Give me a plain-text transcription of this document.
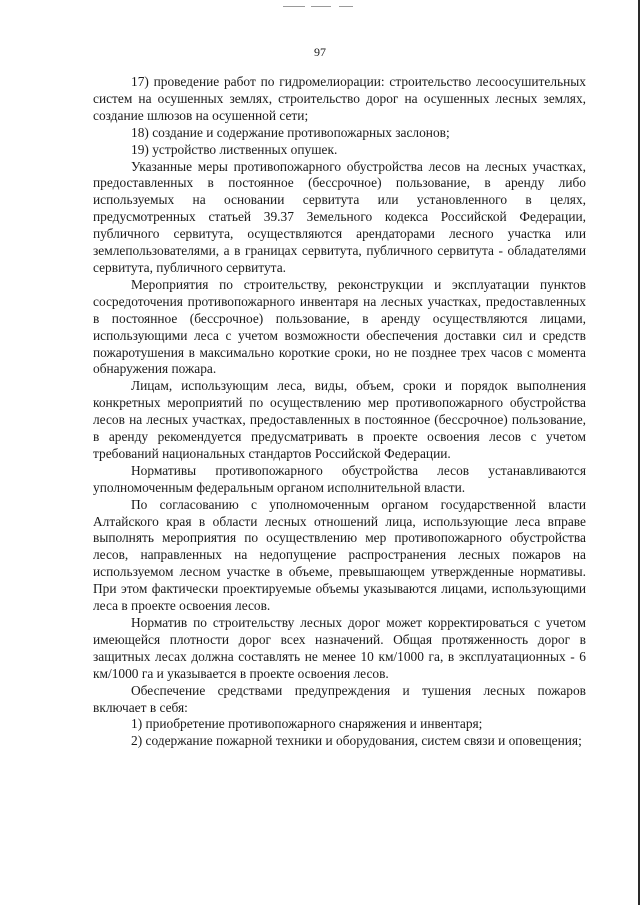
97

17) проведение работ по гидромелиорации: строительство лесоосушительных систем на осушенных землях, строительство дорог на осушенных лесных землях, создание шлюзов на осушенной сети;

18) создание и содержание противопожарных заслонов;

19) устройство лиственных опушек.

Указанные меры противопожарного обустройства лесов на лесных участках, предоставленных в постоянное (бессрочное) пользование, в аренду либо используемых на основании сервитута или установленного в целях, предусмотренных статьей 39.37 Земельного кодекса Российской Федерации, публичного сервитута, осуществляются арендаторами лесного участка или землепользователями, а в границах сервитута, публичного сервитута - обладателями сервитута, публичного сервитута.

Мероприятия по строительству, реконструкции и эксплуатации пунктов сосредоточения противопожарного инвентаря на лесных участках, предоставленных в постоянное (бессрочное) пользование, в аренду осуществляются лицами, использующими леса с учетом возможности обеспечения доставки сил и средств пожаротушения в максимально короткие сроки, но не позднее трех часов с момента обнаружения пожара.

Лицам, использующим леса, виды, объем, сроки и порядок выполнения конкретных мероприятий по осуществлению мер противопожарного обустройства лесов на лесных участках, предоставленных в постоянное (бессрочное) пользование, в аренду рекомендуется предусматривать в проекте освоения лесов с учетом требований национальных стандартов Российской Федерации.

Нормативы противопожарного обустройства лесов устанавливаются уполномоченным федеральным органом исполнительной власти.

По согласованию с уполномоченным органом государственной власти Алтайского края в области лесных отношений лица, использующие леса вправе выполнять мероприятия по осуществлению мер противопожарного обустройства лесов, направленных на недопущение распространения лесных пожаров на используемом лесном участке в объеме, превышающем утвержденные нормативы. При этом фактически проектируемые объемы указываются лицами, использующими леса в проекте освоения лесов.

Норматив по строительству лесных дорог может корректироваться с учетом имеющейся плотности дорог всех назначений. Общая протяженность дорог в защитных лесах должна составлять не менее 10 км/1000 га, в эксплуатационных - 6 км/1000 га и указывается в проекте освоения лесов.

Обеспечение средствами предупреждения и тушения лесных пожаров включает в себя:

1) приобретение противопожарного снаряжения и инвентаря;

2) содержание пожарной техники и оборудования, систем связи и оповещения;
